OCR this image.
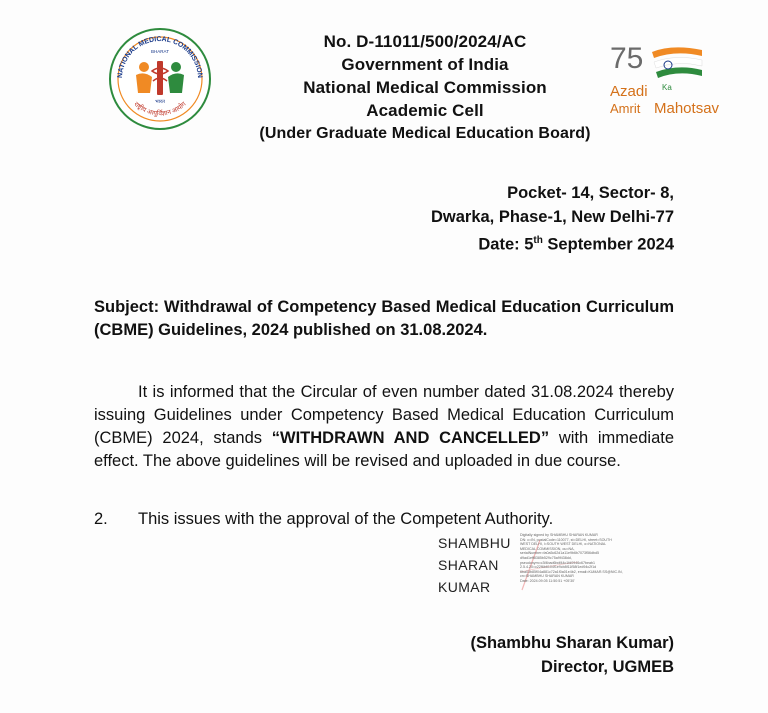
NATIONAL MEDICAL COMMISSION
राष्ट्रीय आयुर्विज्ञान आयोग
BHARAT
भारत
No. D-11011/500/2024/AC
Government of India
National Medical Commission
Academic Cell
(Under Graduate Medical Education Board)
75
Azadi Ka
Amrit Mahotsav
Pocket- 14, Sector- 8,
Dwarka, Phase-1, New Delhi-77
Date: 5th September 2024
Subject: Withdrawal of Competency Based Medical Education Curriculum (CBME) Guidelines, 2024 published on 31.08.2024.
It is informed that the Circular of even number dated 31.08.2024 thereby issuing Guidelines under Competency Based Medical Education Curriculum (CBME) 2024, stands “WITHDRAWN AND CANCELLED” with immediate effect. The above guidelines will be revised and uploaded in due course.
2. This issues with the approval of the Competent Authority.
SHAMBHU
SHARAN
KUMAR
Digitally signed by SHAMBHU SHARAN KUMAR
DN: c=IN, postalCode=110077, st=DELHI, street=SOUTH
WEST DELHI, l=SOUTH WEST DELHI, o=NATIONAL
MEDICAL COMMISSION, ou=NA,
serialNumber=fa0a5c62d1a11e9b6b7073f56dbd5
d9ad1eff8385b529c75a9f438dd,
pseudonym=c3f4bad6bdf44c1fd0946c67beab1
2.5.4.20=c22f6b6104f1e9cb8f11f58f1ed94c2f1d
6ba03b85f04a881c72a1f0a01e4b2, email=KUMAR.SS@NIC.IN,
cn=SHAMBHU SHARAN KUMAR
Date: 2024.09.05 11:50:51 +05'30'
(Shambhu Sharan Kumar)
Director, UGMEB
